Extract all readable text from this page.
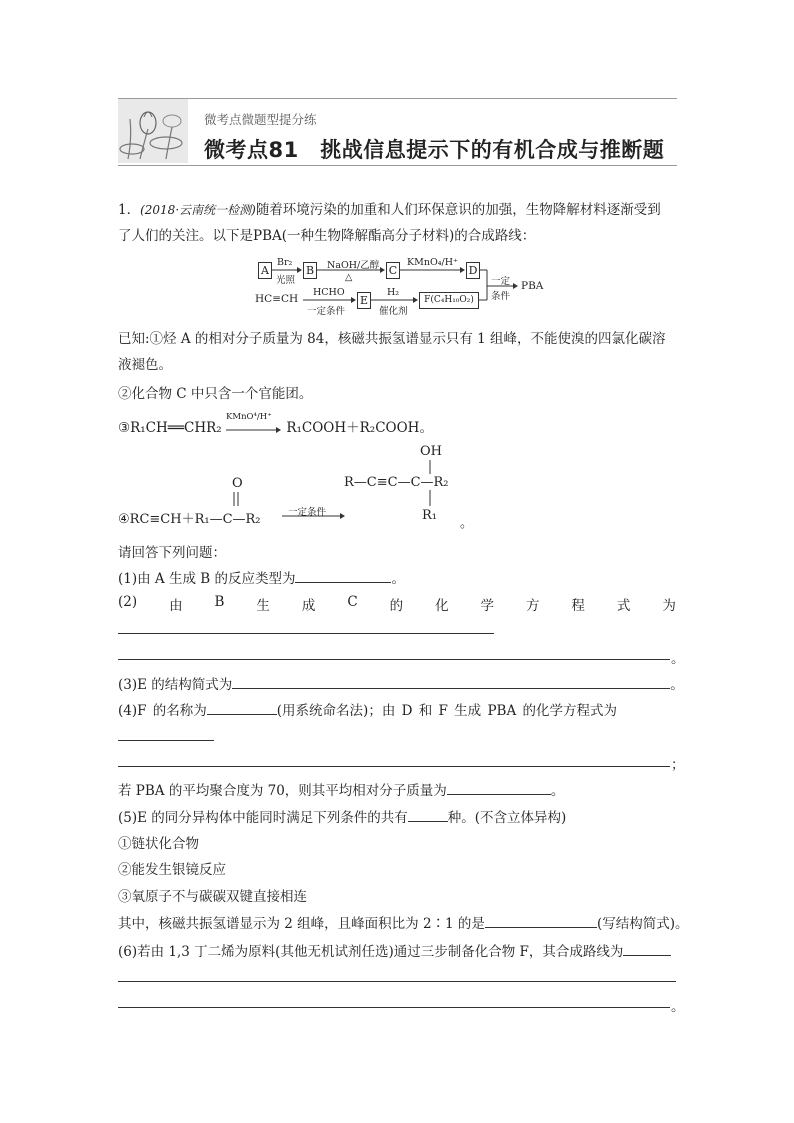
微考点微题型提分练
微考点81　挑战信息提示下的有机合成与推断题
1．(2018·云南统一检测)随着环境污染的加重和人们环保意识的加强，生物降解材料逐渐受到
了人们的关注。以下是PBA(一种生物降解酯高分子材料)的合成路线：
A	B	C	D
HC≡CH	E	F(C₄H₁₀O₂)
Br₂
光照
NaOH/乙醇
△
KMnO₄/H⁺
HCHO
一定条件
H₂
催化剂
一定
条件
PBA
已知:①烃 A 的相对分子质量为 84，核磁共振氢谱显示只有 1 组峰，不能使溴的四氯化碳溶
液褪色。
②化合物 C 中只含一个官能团。
③R₁CH══CHR₂
KMnO⁴/H⁺
R₁COOH＋R₂COOH。
④RC≡CH＋R₁—C—R₂
O
一定条件
R—C≡C—C—R₂
OH
R₁
。
请回答下列问题：
(1)由 A 生成 B 的反应类型为	。
(2) 由 B 生 成 C 的 化 学 方 程 式 为
。
(3)E 的结构简式为	。
(4)F 的名称为	(用系统命名法)；由 D 和 F 生成 PBA 的化学方程式为
；
若 PBA 的平均聚合度为 70，则其平均相对分子质量为	。
(5)E 的同分异构体中能同时满足下列条件的共有	种。(不含立体异构)
①链状化合物
②能发生银镜反应
③氧原子不与碳碳双键直接相连
其中，核磁共振氢谱显示为 2 组峰，且峰面积比为 2∶1 的是	(写结构简式)。
(6)若由 1,3 丁二烯为原料(其他无机试剂任选)通过三步制备化合物 F，其合成路线为
。
